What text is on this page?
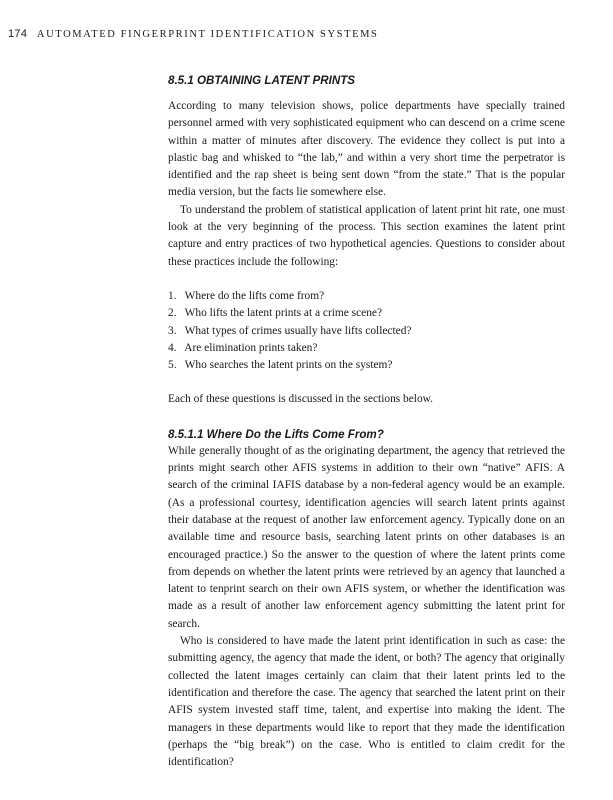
174 AUTOMATED FINGERPRINT IDENTIFICATION SYSTEMS
8.5.1 OBTAINING LATENT PRINTS

According to many television shows, police departments have specially trained personnel armed with very sophisticated equipment who can descend on a crime scene within a matter of minutes after discovery. The evidence they collect is put into a plastic bag and whisked to “the lab,” and within a very short time the perpetrator is identified and the rap sheet is being sent down “from the state.” That is the popular media version, but the facts lie somewhere else.

To understand the problem of statistical application of latent print hit rate, one must look at the very beginning of the process. This section examines the latent print capture and entry practices of two hypothetical agencies. Questions to consider about these practices include the following:

1. Where do the lifts come from?
2. Who lifts the latent prints at a crime scene?
3. What types of crimes usually have lifts collected?
4. Are elimination prints taken?
5. Who searches the latent prints on the system?

Each of these questions is discussed in the sections below.

8.5.1.1 Where Do the Lifts Come From?

While generally thought of as the originating department, the agency that retrieved the prints might search other AFIS systems in addition to their own “native” AFIS. A search of the criminal IAFIS database by a non-federal agency would be an example. (As a professional courtesy, identification agencies will search latent prints against their database at the request of another law enforcement agency. Typically done on an available time and resource basis, searching latent prints on other databases is an encouraged practice.) So the answer to the question of where the latent prints come from depends on whether the latent prints were retrieved by an agency that launched a latent to tenprint search on their own AFIS system, or whether the identification was made as a result of another law enforcement agency submitting the latent print for search.

Who is considered to have made the latent print identification in such as case: the submitting agency, the agency that made the ident, or both? The agency that originally collected the latent images certainly can claim that their latent prints led to the identification and therefore the case. The agency that searched the latent print on their AFIS system invested staff time, talent, and expertise into making the ident. The managers in these departments would like to report that they made the identification (perhaps the “big break”) on the case. Who is entitled to claim credit for the identification?
